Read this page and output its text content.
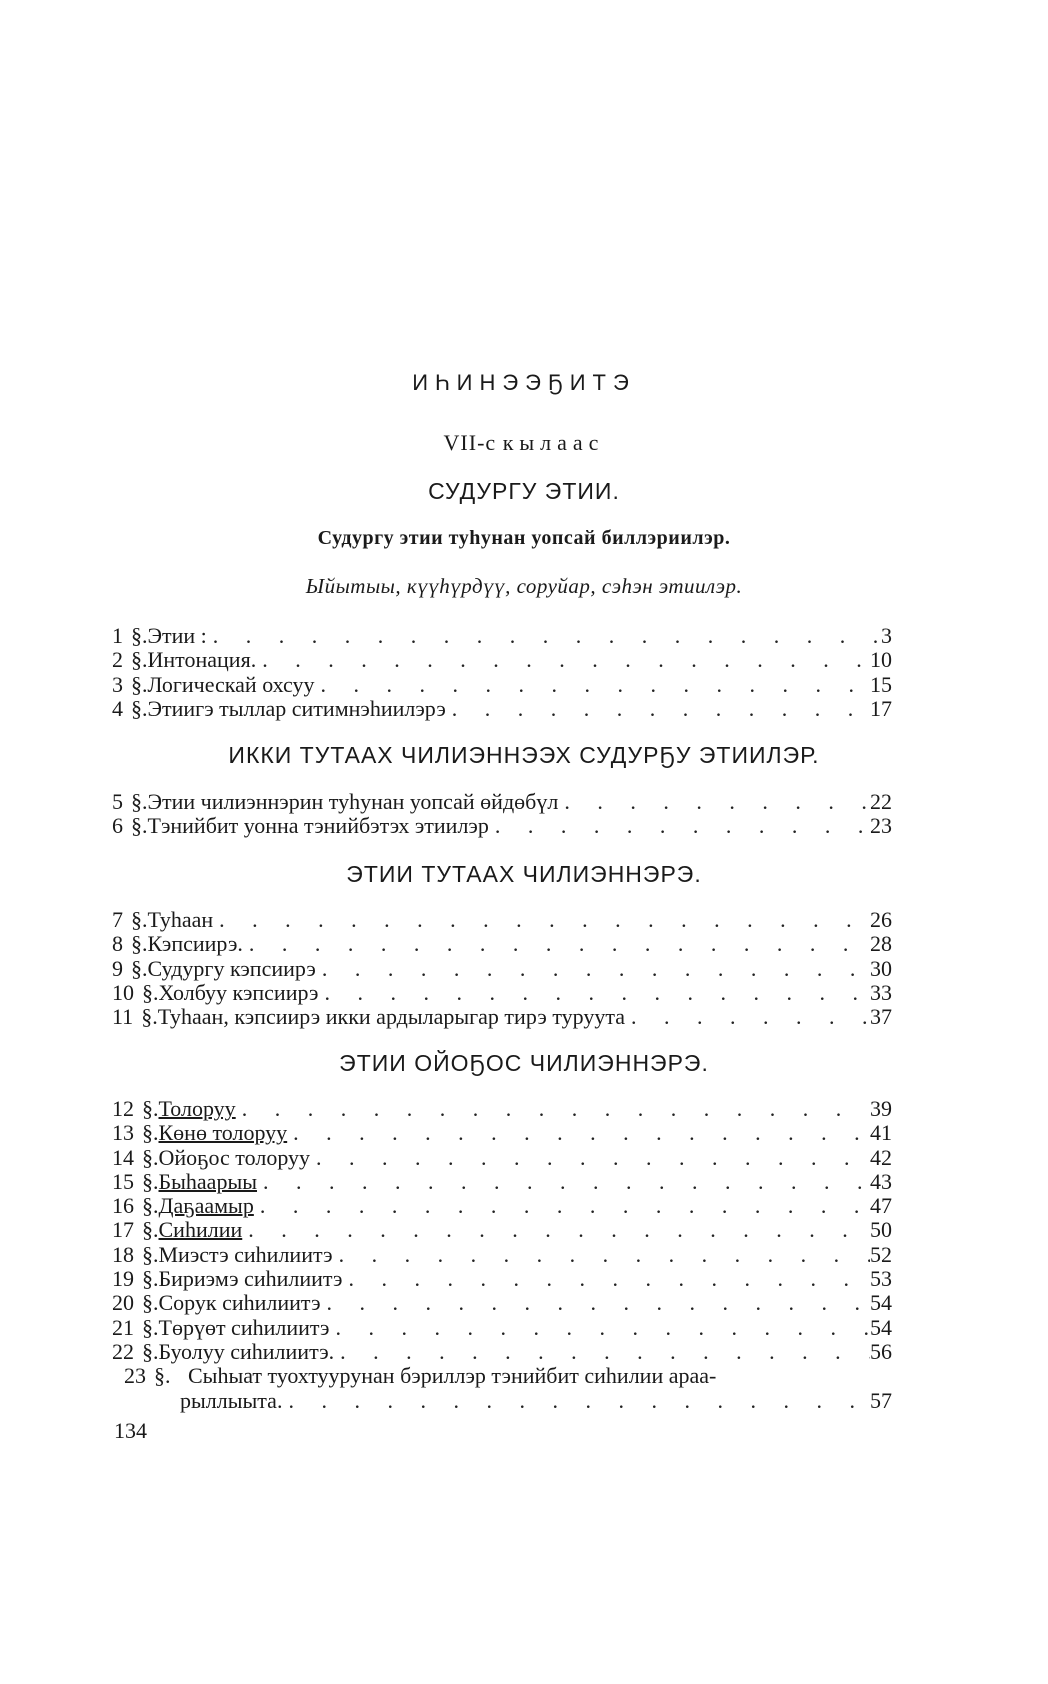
ИҺИНЭЭҔИТЭ
VII-с кылаас
СУДУРГУ ЭТИИ.
Судургу этии туһунан уопсай биллэриилэр.
Ыйытыы, күүһүрдүү, соруйар, сэһэн этиилэр.
1 §. Этии : . . .	3
2 §. Интонация. . . .	10
3 §. Логическай охсуу . . .	15
4 §. Этиигэ тыллар ситимнэһиилэрэ . . .	17
ИККИ ТУТААХ ЧИЛИЭННЭЭХ СУДУРҔУ ЭТИИЛЭР.
5 §. Этии чилиэннэрин туһунан уопсай өйдөбүл . . .	22
6 §. Тэнийбит уонна тэнийбэтэх этиилэр . . .	23
ЭТИИ ТУТААХ ЧИЛИЭННЭРЭ.
7 §. Туһаан . . .	26
8 §. Кэпсиирэ. . . .	28
9 §. Судургу кэпсиирэ . . .	30
10 §. Холбуу кэпсиирэ . . .	33
11 §. Туһаан, кэпсиирэ икки ардыларыгар тирэ туруута . . .	37
ЭТИИ ОЙОҔОС ЧИЛИЭННЭРЭ.
12 §. Толоруу . . .	39
13 §. Көнө толоруу . . .	41
14 §. Ойоҕос толоруу . . .	42
15 §. Быһаарыы . . .	43
16 §. Даҕаамыр . . .	47
17 §. Сиһилии . . .	50
18 §. Миэстэ сиһилиитэ . . .	52
19 §. Бириэмэ сиһилиитэ . . .	53
20 §. Сорук сиһилиитэ . . .	54
21 §. Төрүөт сиһилиитэ . . .	54
22 §. Буолуу сиһилиитэ. . . .	56
23 §. Сыһыат туохтуурунан бэриллэр тэнийбит сиһилии араа-
рыллыыта. . . .	57
134
